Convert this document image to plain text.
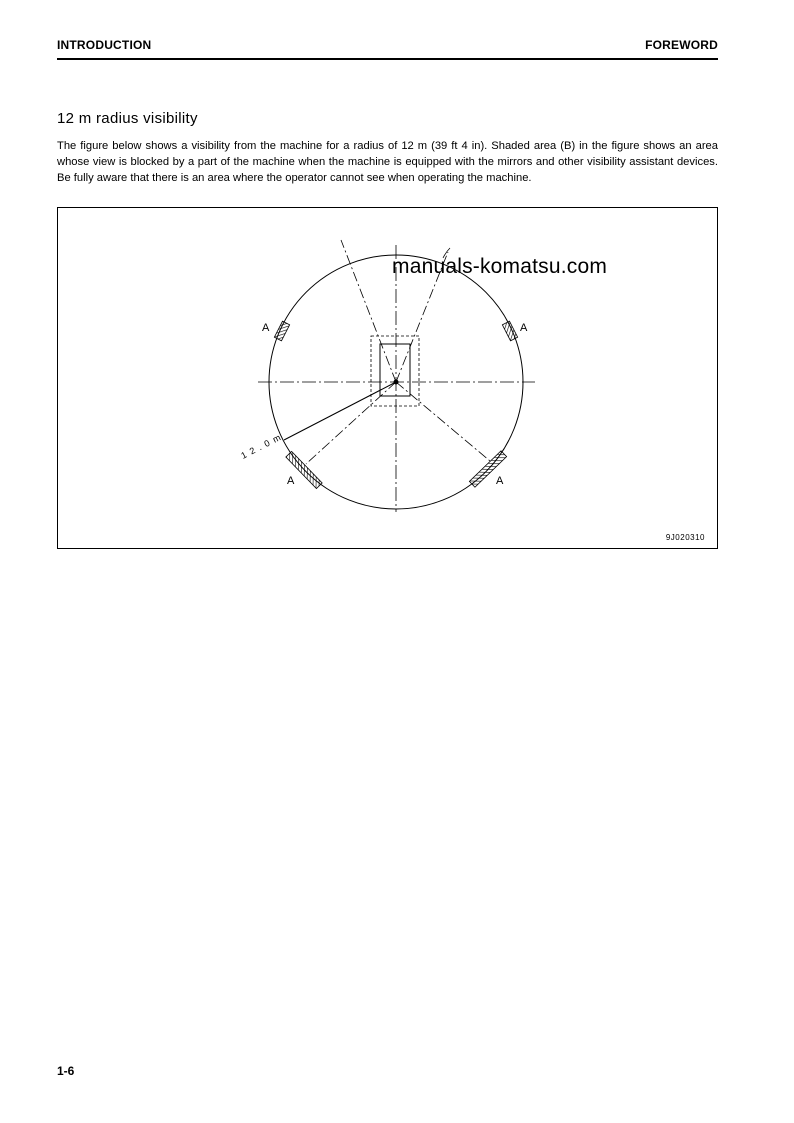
INTRODUCTION	FOREWORD
12 m radius visibility
The figure below shows a visibility from the machine for a radius of 12 m (39 ft 4 in). Shaded area (B) in the figure shows an area whose view is blocked by a part of the machine when the machine is equipped with the mirrors and other visibility assistant devices. Be fully aware that there is an area where the operator cannot see when operating the machine.
A	A
A	A
1 2 . 0 m
manuals-komatsu.com
9J020310
1-6
